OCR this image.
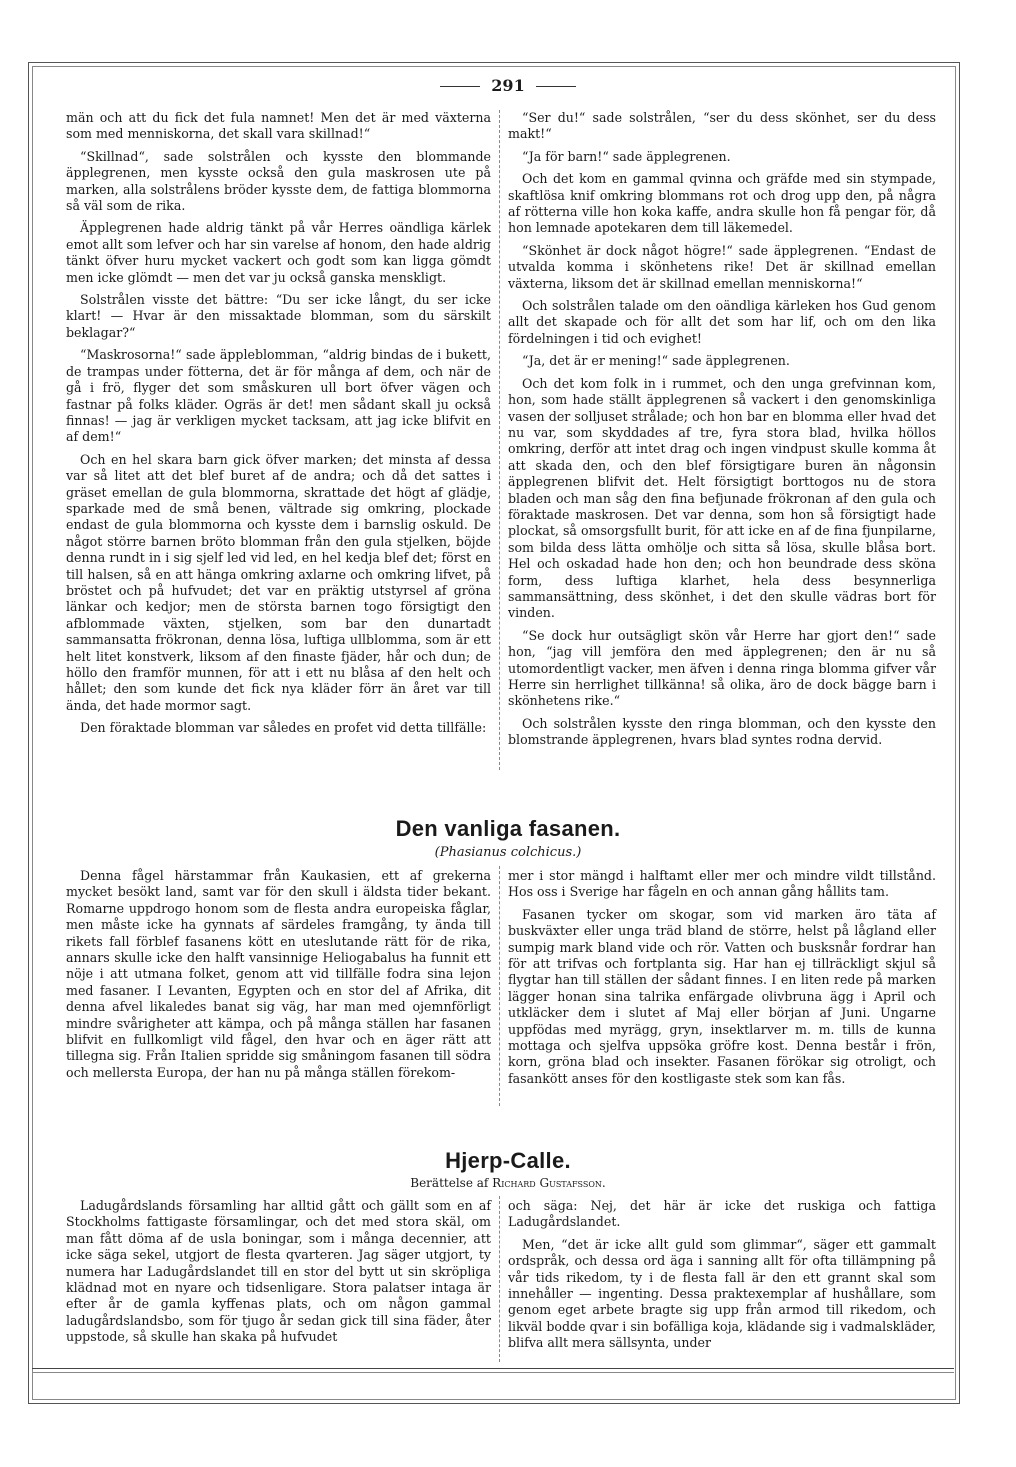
291

män och att du fick det fula namnet! Men det är med växterna som med menniskorna, det skall vara skillnad!“

“Skillnad“, sade solstrålen och kysste den blommande äpplegrenen, men kysste också den gula maskrosen ute på marken, alla solstrålens bröder kysste dem, de fattiga blommorna så väl som de rika.

Äpplegrenen hade aldrig tänkt på vår Herres oändliga kärlek emot allt som lefver och har sin varelse af honom, den hade aldrig tänkt öfver huru mycket vackert och godt som kan ligga gömdt men icke glömdt — men det var ju också ganska menskligt.

Solstrålen visste det bättre: “Du ser icke långt, du ser icke klart! — Hvar är den missaktade blomman, som du särskilt beklagar?“

“Maskrosorna!“ sade äppleblomman, “aldrig bindas de i bukett, de trampas under fötterna, det är för många af dem, och när de gå i frö, flyger det som småskuren ull bort öfver vägen och fastnar på folks kläder. Ogräs är det! men sådant skall ju också finnas! — jag är verkligen mycket tacksam, att jag icke blifvit en af dem!“

Och en hel skara barn gick öfver marken; det minsta af dessa var så litet att det blef buret af de andra; och då det sattes i gräset emellan de gula blommorna, skrattade det högt af glädje, sparkade med de små benen, vältrade sig omkring, plockade endast de gula blommorna och kysste dem i barnslig oskuld. De något större barnen bröto blomman från den gula stjelken, böjde denna rundt in i sig sjelf led vid led, en hel kedja blef det; först en till halsen, så en att hänga omkring axlarne och omkring lifvet, på bröstet och på hufvudet; det var en präktig utstyrsel af gröna länkar och kedjor; men de största barnen togo försigtigt den afblommade växten, stjelken, som bar den dunartadt sammansatta frökronan, denna lösa, luftiga ullblomma, som är ett helt litet konstverk, liksom af den finaste fjäder, hår och dun; de höllo den framför munnen, för att i ett nu blåsa af den helt och hållet; den som kunde det fick nya kläder förr än året var till ända, det hade mormor sagt.

Den föraktade blomman var således en profet vid detta tillfälle:

“Ser du!“ sade solstrålen, “ser du dess skönhet, ser du dess makt!“

“Ja för barn!“ sade äpplegrenen.

Och det kom en gammal qvinna och gräfde med sin stympade, skaftlösa knif omkring blommans rot och drog upp den, på några af rötterna ville hon koka kaffe, andra skulle hon få pengar för, då hon lemnade apotekaren dem till läkemedel.

“Skönhet är dock något högre!“ sade äpplegrenen. “Endast de utvalda komma i skönhetens rike! Det är skillnad emellan växterna, liksom det är skillnad emellan menniskorna!“

Och solstrålen talade om den oändliga kärleken hos Gud genom allt det skapade och för allt det som har lif, och om den lika fördelningen i tid och evighet!

“Ja, det är er mening!“ sade äpplegrenen.

Och det kom folk in i rummet, och den unga grefvinnan kom, hon, som hade ställt äpplegrenen så vackert i den genomskinliga vasen der solljuset strålade; och hon bar en blomma eller hvad det nu var, som skyddades af tre, fyra stora blad, hvilka höllos omkring, derför att intet drag och ingen vindpust skulle komma åt att skada den, och den blef försigtigare buren än någonsin äpplegrenen blifvit det. Helt försigtigt borttogos nu de stora bladen och man såg den fina befjunade frökronan af den gula och föraktade maskrosen. Det var denna, som hon så försigtigt hade plockat, så omsorgsfullt burit, för att icke en af de fina fjunpilarne, som bilda dess lätta omhölje och sitta så lösa, skulle blåsa bort. Hel och oskadad hade hon den; och hon beundrade dess sköna form, dess luftiga klarhet, hela dess besynnerliga sammansättning, dess skönhet, i det den skulle vädras bort för vinden.

“Se dock hur outsägligt skön vår Herre har gjort den!“ sade hon, “jag vill jemföra den med äpplegrenen; den är nu så utomordentligt vacker, men äfven i denna ringa blomma gifver vår Herre sin herrlighet tillkänna! så olika, äro de dock bägge barn i skönhetens rike.“

Och solstrålen kysste den ringa blomman, och den kysste den blomstrande äpplegrenen, hvars blad syntes rodna dervid.

Den vanliga fasanen.
(Phasianus colchicus.)

Denna fågel härstammar från Kaukasien, ett af grekerna mycket besökt land, samt var för den skull i äldsta tider bekant. Romarne uppdrogo honom som de flesta andra europeiska fåglar, men måste icke ha gynnats af särdeles framgång, ty ända till rikets fall förblef fasanens kött en uteslutande rätt för de rika, annars skulle icke den halft vansinnige Heliogabalus ha funnit ett nöje i att utmana folket, genom att vid tillfälle fodra sina lejon med fasaner. I Levanten, Egypten och en stor del af Afrika, dit denna afvel likaledes banat sig väg, har man med ojemnförligt mindre svårigheter att kämpa, och på många ställen har fasanen blifvit en fullkomligt vild fågel, den hvar och en äger rätt att tillegna sig. Från Italien spridde sig småningom fasanen till södra och mellersta Europa, der han nu på många ställen förekom-

mer i stor mängd i halftamt eller mer och mindre vildt tillstånd. Hos oss i Sverige har fågeln en och annan gång hållits tam.

Fasanen tycker om skogar, som vid marken äro täta af buskväxter eller unga träd bland de större, helst på lågland eller sumpig mark bland vide och rör. Vatten och busksnår fordrar han för att trifvas och fortplanta sig. Har han ej tillräckligt skjul så flygtar han till ställen der sådant finnes. I en liten rede på marken lägger honan sina talrika enfärgade olivbruna ägg i April och utkläcker dem i slutet af Maj eller början af Juni. Ungarne uppfödas med myrägg, gryn, insektlarver m. m. tills de kunna mottaga och sjelfva uppsöka gröfre kost. Denna består i frön, korn, gröna blad och insekter. Fasanen förökar sig otroligt, och fasankött anses för den kostligaste stek som kan fås.

Hjerp-Calle.
Berättelse af Richard Gustafsson.

Ladugårdslands församling har alltid gått och gällt som en af Stockholms fattigaste församlingar, och det med stora skäl, om man fått döma af de usla boningar, som i många decennier, att icke säga sekel, utgjort de flesta qvarteren. Jag säger utgjort, ty numera har Ladugårdslandet till en stor del bytt ut sin skröpliga klädnad mot en nyare och tidsenligare. Stora palatser intaga är efter år de gamla kyffenas plats, och om någon gammal ladugårdslandsbo, som för tjugo år sedan gick till sina fäder, åter uppstode, så skulle han skaka på hufvudet

och säga: Nej, det här är icke det ruskiga och fattiga Ladugårdslandet.

Men, “det är icke allt guld som glimmar“, säger ett gammalt ordspråk, och dessa ord äga i sanning allt för ofta tillämpning på vår tids rikedom, ty i de flesta fall är den ett grannt skal som innehåller — ingenting. Dessa praktexemplar af hushållare, som genom eget arbete bragte sig upp från armod till rikedom, och likväl bodde qvar i sin bofälliga koja, klädande sig i vadmalskläder, blifva allt mera sällsynta, under
